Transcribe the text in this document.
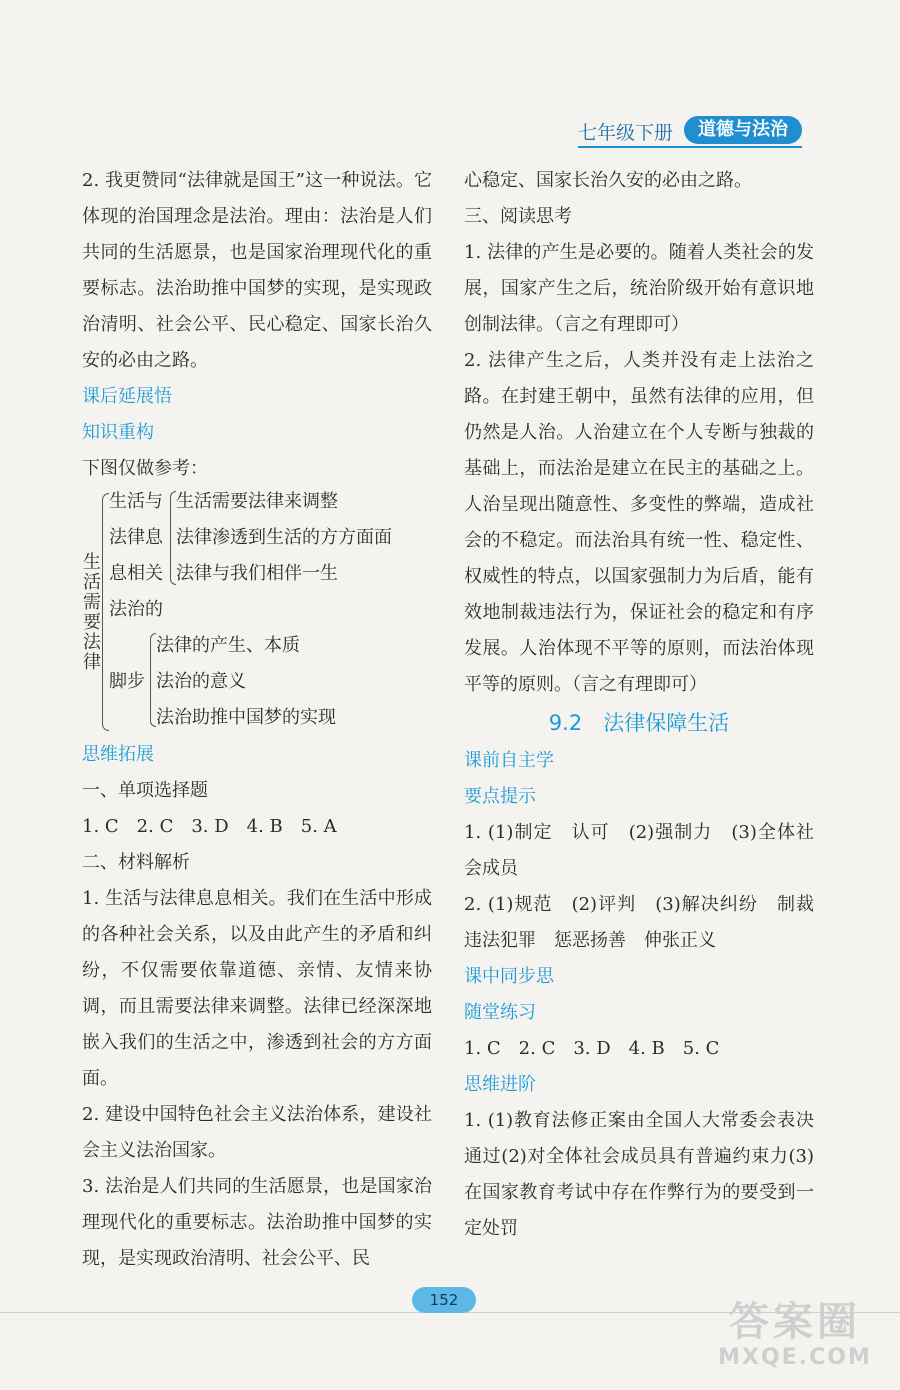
七年级下册	道德与法治

2. 我更赞同“法律就是国王”这一种说法。它体现的治国理念是法治。理由：法治是人们共同的生活愿景，也是国家治理现代化的重要标志。法治助推中国梦的实现，是实现政治清明、社会公平、民心稳定、国家长治久安的必由之路。

课后延展悟

知识重构

下图仅做参考：

生活需要法律
生活与
法律息
息相关
生活需要法律来调整
法律渗透到生活的方方面面
法律与我们相伴一生
法治的
脚步
法律的产生、本质
法治的意义
法治助推中国梦的实现

思维拓展

一、单项选择题

1. C　2. C　3. D　4. B　5. A

二、材料解析

1. 生活与法律息息相关。我们在生活中形成的各种社会关系，以及由此产生的矛盾和纠纷，不仅需要依靠道德、亲情、友情来协调，而且需要法律来调整。法律已经深深地嵌入我们的生活之中，渗透到社会的方方面面。

2. 建设中国特色社会主义法治体系，建设社会主义法治国家。

3. 法治是人们共同的生活愿景，也是国家治理现代化的重要标志。法治助推中国梦的实现，是实现政治清明、社会公平、民

心稳定、国家长治久安的必由之路。

三、阅读思考

1. 法律的产生是必要的。随着人类社会的发展，国家产生之后，统治阶级开始有意识地创制法律。（言之有理即可）

2. 法律产生之后，人类并没有走上法治之路。在封建王朝中，虽然有法律的应用，但仍然是人治。人治建立在个人专断与独裁的基础上，而法治是建立在民主的基础之上。人治呈现出随意性、多变性的弊端，造成社会的不稳定。而法治具有统一性、稳定性、权威性的特点，以国家强制力为后盾，能有效地制裁违法行为，保证社会的稳定和有序发展。人治体现不平等的原则，而法治体现平等的原则。（言之有理即可）

9.2　法律保障生活

课前自主学

要点提示

1. (1)制定　认可　(2)强制力　(3)全体社会成员

2. (1)规范　(2)评判　(3)解决纠纷　制裁违法犯罪　惩恶扬善　伸张正义

课中同步思

随堂练习

1. C　2. C　3. D　4. B　5. C

思维进阶

1. (1)教育法修正案由全国人大常委会表决通过(2)对全体社会成员具有普遍约束力(3)在国家教育考试中存在作弊行为的要受到一定处罚

152	答案圈
MXQE.COM
